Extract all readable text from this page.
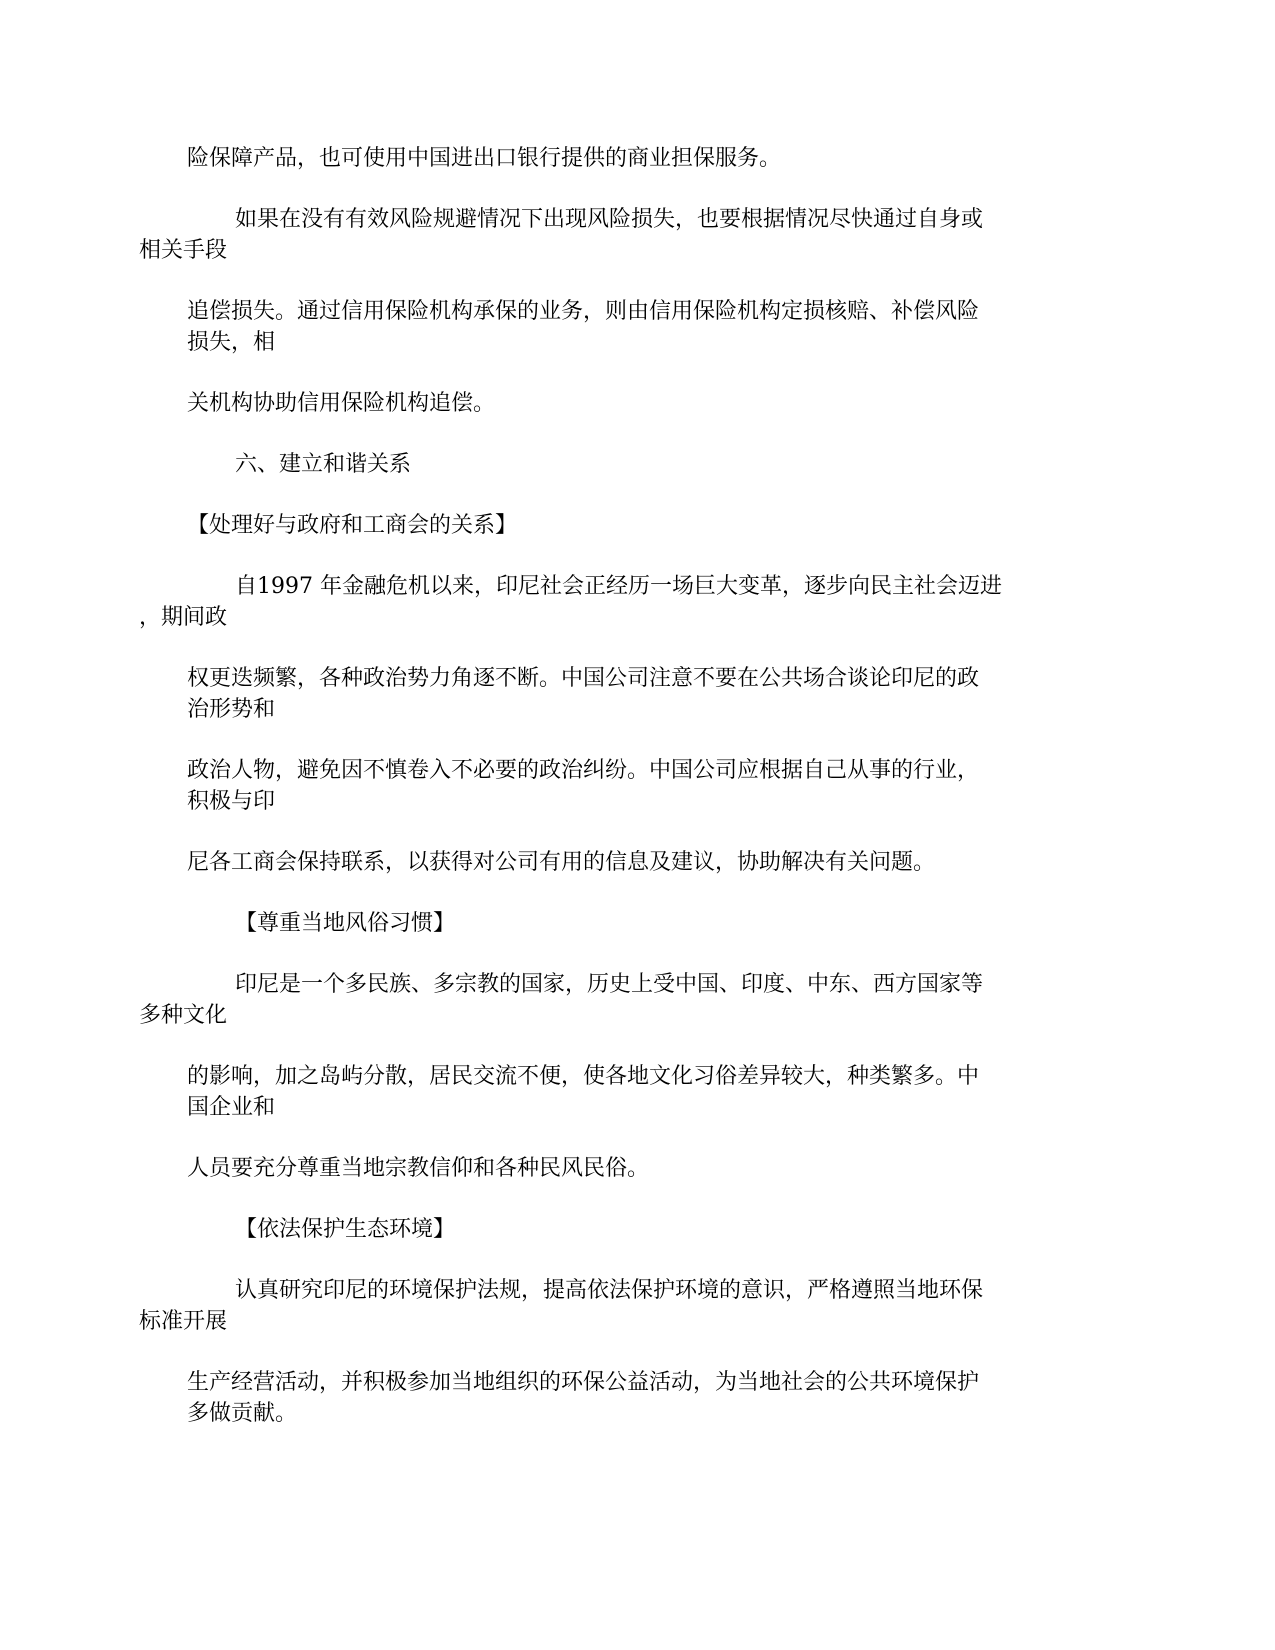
险保障产品，也可使用中国进出口银行提供的商业担保服务。

如果在没有有效风险规避情况下出现风险损失，也要根据情况尽快通过自身或
相关手段

追偿损失。通过信用保险机构承保的业务，则由信用保险机构定损核赔、补偿风险
损失，相

关机构协助信用保险机构追偿。

六、建立和谐关系

【处理好与政府和工商会的关系】

自1997 年金融危机以来，印尼社会正经历一场巨大变革，逐步向民主社会迈进
，期间政

权更迭频繁，各种政治势力角逐不断。中国公司注意不要在公共场合谈论印尼的政
治形势和

政治人物，避免因不慎卷入不必要的政治纠纷。中国公司应根据自己从事的行业，
积极与印

尼各工商会保持联系，以获得对公司有用的信息及建议，协助解决有关问题。

【尊重当地风俗习惯】

印尼是一个多民族、多宗教的国家，历史上受中国、印度、中东、西方国家等
多种文化

的影响，加之岛屿分散，居民交流不便，使各地文化习俗差异较大，种类繁多。中
国企业和

人员要充分尊重当地宗教信仰和各种民风民俗。

【依法保护生态环境】

认真研究印尼的环境保护法规，提高依法保护环境的意识，严格遵照当地环保
标准开展

生产经营活动，并积极参加当地组织的环保公益活动，为当地社会的公共环境保护
多做贡献。
